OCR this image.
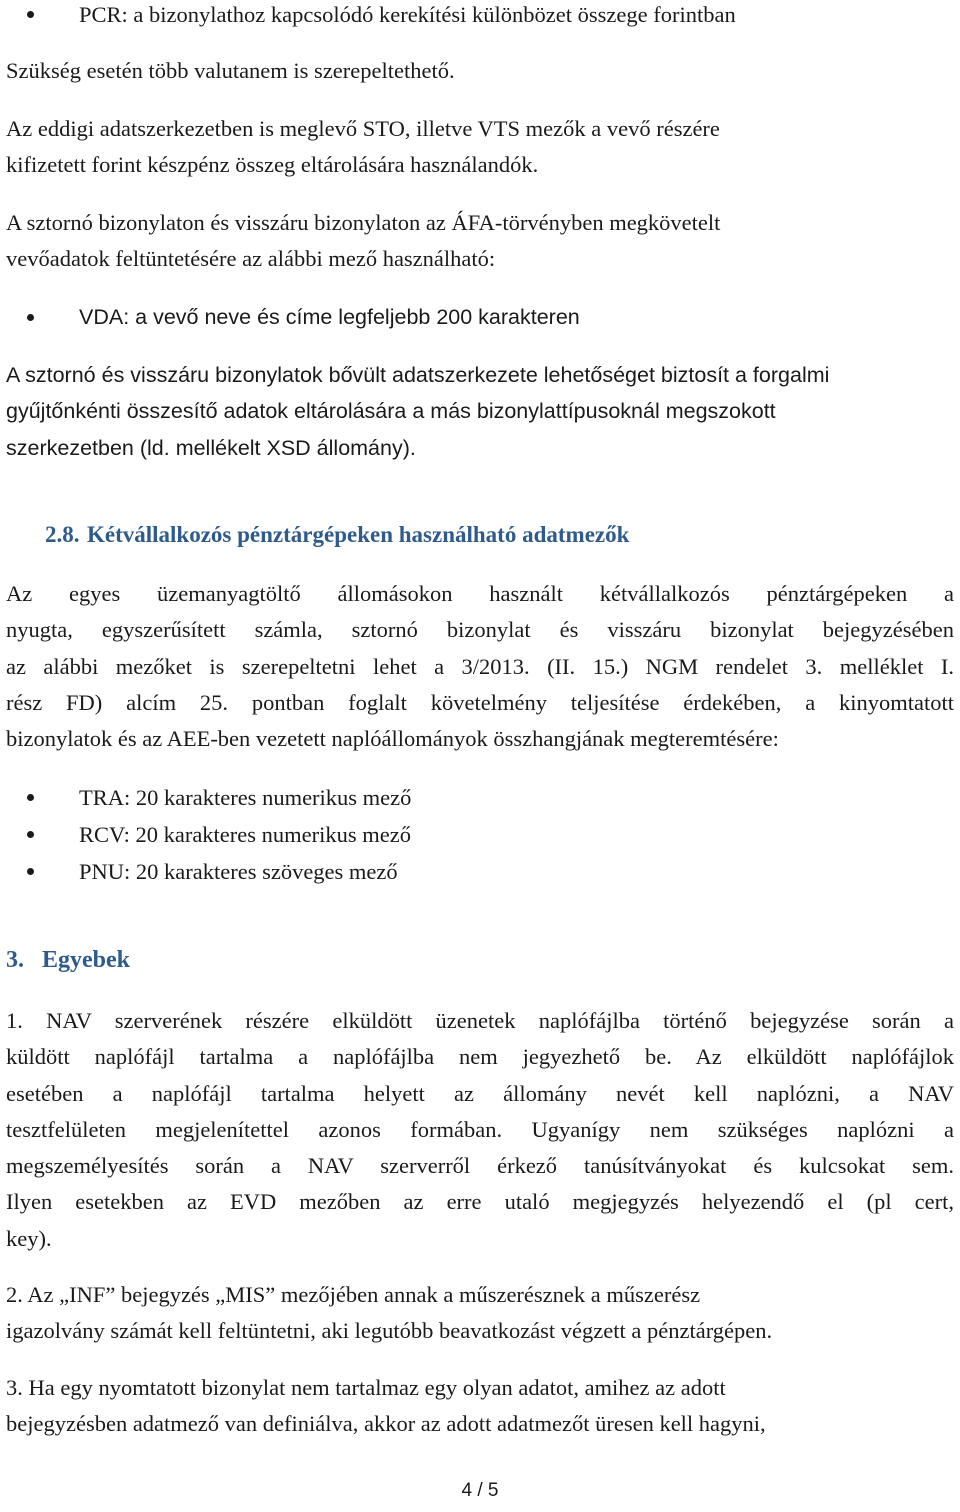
PCR: a bizonylathoz kapcsolódó kerekítési különbözet összege forintban

Szükség esetén több valutanem is szerepeltethető.

Az eddigi adatszerkezetben is meglevő STO, illetve VTS mezők a vevő részére
kifizetett forint készpénz összeg eltárolására használandók.

A sztornó bizonylaton és visszáru bizonylaton az ÁFA-törvényben megkövetelt
vevőadatok feltüntetésére az alábbi mező használható:

VDA: a vevő neve és címe legfeljebb 200 karakteren

A sztornó és visszáru bizonylatok bővült adatszerkezete lehetőséget biztosít a forgalmi
gyűjtőnkénti összesítő adatok eltárolására a más bizonylattípusoknál megszokott
szerkezetben (ld. mellékelt XSD állomány).

2.8. Kétvállalkozós pénztárgépeken használható adatmezők

Az egyes üzemanyagtöltő állomásokon használt kétvállalkozós pénztárgépeken a
nyugta, egyszerűsített számla, sztornó bizonylat és visszáru bizonylat bejegyzésében
az alábbi mezőket is szerepeltetni lehet a 3/2013. (II. 15.) NGM rendelet 3. melléklet I.
rész FD) alcím 25. pontban foglalt követelmény teljesítése érdekében, a kinyomtatott
bizonylatok és az AEE-ben vezetett naplóállományok összhangjának megteremtésére:

TRA: 20 karakteres numerikus mező
RCV: 20 karakteres numerikus mező
PNU: 20 karakteres szöveges mező
3. Egyebek

1. NAV szerverének részére elküldött üzenetek naplófájlba történő bejegyzése során a
küldött naplófájl tartalma a naplófájlba nem jegyezhető be. Az elküldött naplófájlok
esetében a naplófájl tartalma helyett az állomány nevét kell naplózni, a NAV
tesztfelületen megjelenítettel azonos formában. Ugyanígy nem szükséges naplózni a
megszemélyesítés során a NAV szerverről érkező tanúsítványokat és kulcsokat sem.
Ilyen esetekben az EVD mezőben az erre utaló megjegyzés helyezendő el (pl cert,
key).

2. Az „INF” bejegyzés „MIS” mezőjében annak a műszerésznek a műszerész
igazolvány számát kell feltüntetni, aki legutóbb beavatkozást végzett a pénztárgépen.

3. Ha egy nyomtatott bizonylat nem tartalmaz egy olyan adatot, amihez az adott
bejegyzésben adatmező van definiálva, akkor az adott adatmezőt üresen kell hagyni,

4 / 5
